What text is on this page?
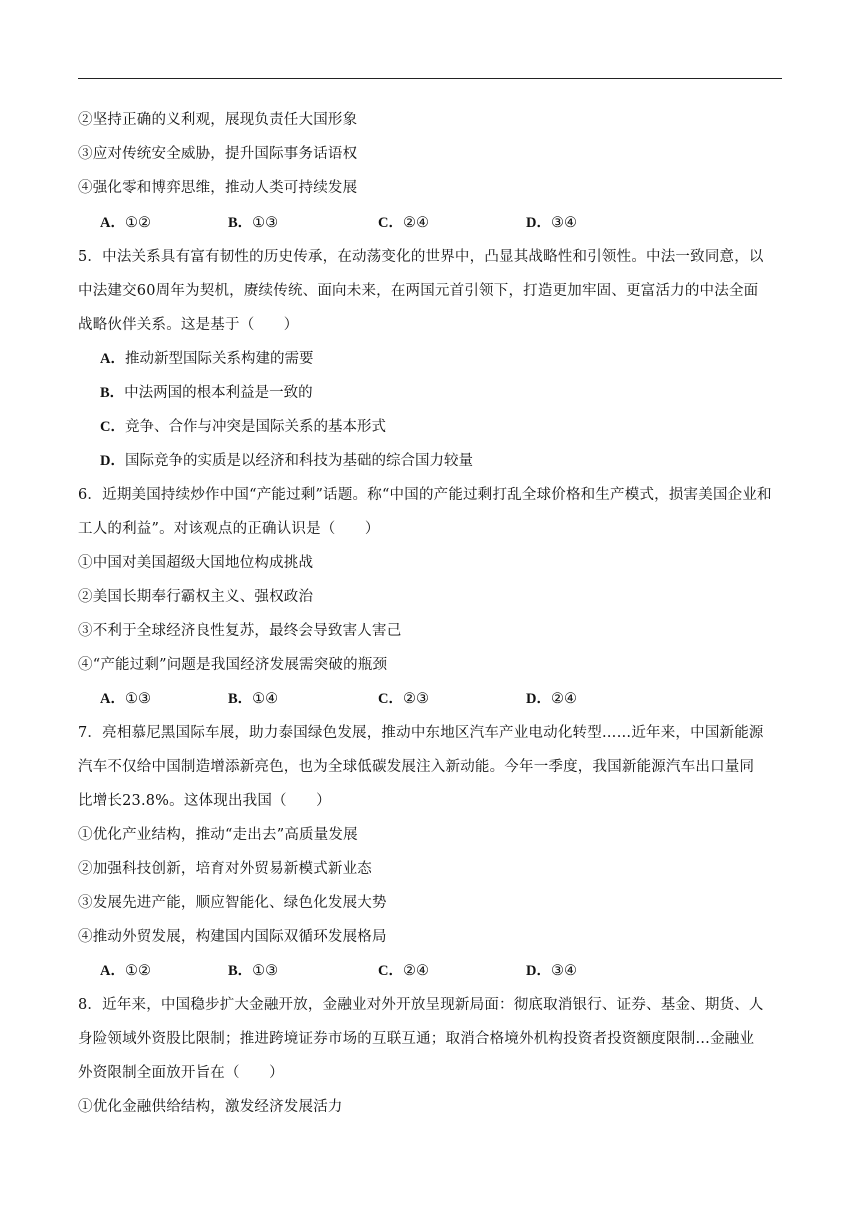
②坚持正确的义利观，展现负责任大国形象
③应对传统安全威胁，提升国际事务话语权
④强化零和博弈思维，推动人类可持续发展
A．①②	B．①③	C．②④	D．③④
5．中法关系具有富有韧性的历史传承，在动荡变化的世界中，凸显其战略性和引领性。中法一致同意，以
中法建交60周年为契机，赓续传统、面向未来，在两国元首引领下，打造更加牢固、更富活力的中法全面
战略伙伴关系。这是基于（　　）
A．推动新型国际关系构建的需要
B．中法两国的根本利益是一致的
C．竞争、合作与冲突是国际关系的基本形式
D．国际竞争的实质是以经济和科技为基础的综合国力较量
6．近期美国持续炒作中国“产能过剩”话题。称“中国的产能过剩打乱全球价格和生产模式，损害美国企业和
工人的利益”。对该观点的正确认识是（　　）
①中国对美国超级大国地位构成挑战
②美国长期奉行霸权主义、强权政治
③不利于全球经济良性复苏，最终会导致害人害己
④“产能过剩”问题是我国经济发展需突破的瓶颈
A．①③	B．①④	C．②③	D．②④
7．亮相慕尼黑国际车展，助力泰国绿色发展，推动中东地区汽车产业电动化转型……近年来，中国新能源
汽车不仅给中国制造增添新亮色，也为全球低碳发展注入新动能。今年一季度，我国新能源汽车出口量同
比增长23.8%。这体现出我国（　　）
①优化产业结构，推动“走出去”高质量发展
②加强科技创新，培育对外贸易新模式新业态
③发展先进产能，顺应智能化、绿色化发展大势
④推动外贸发展，构建国内国际双循环发展格局
A．①②	B．①③	C．②④	D．③④
8．近年来，中国稳步扩大金融开放，金融业对外开放呈现新局面：彻底取消银行、证券、基金、期货、人
身险领域外资股比限制；推进跨境证券市场的互联互通；取消合格境外机构投资者投资额度限制…金融业
外资限制全面放开旨在（　　）
①优化金融供给结构，激发经济发展活力
